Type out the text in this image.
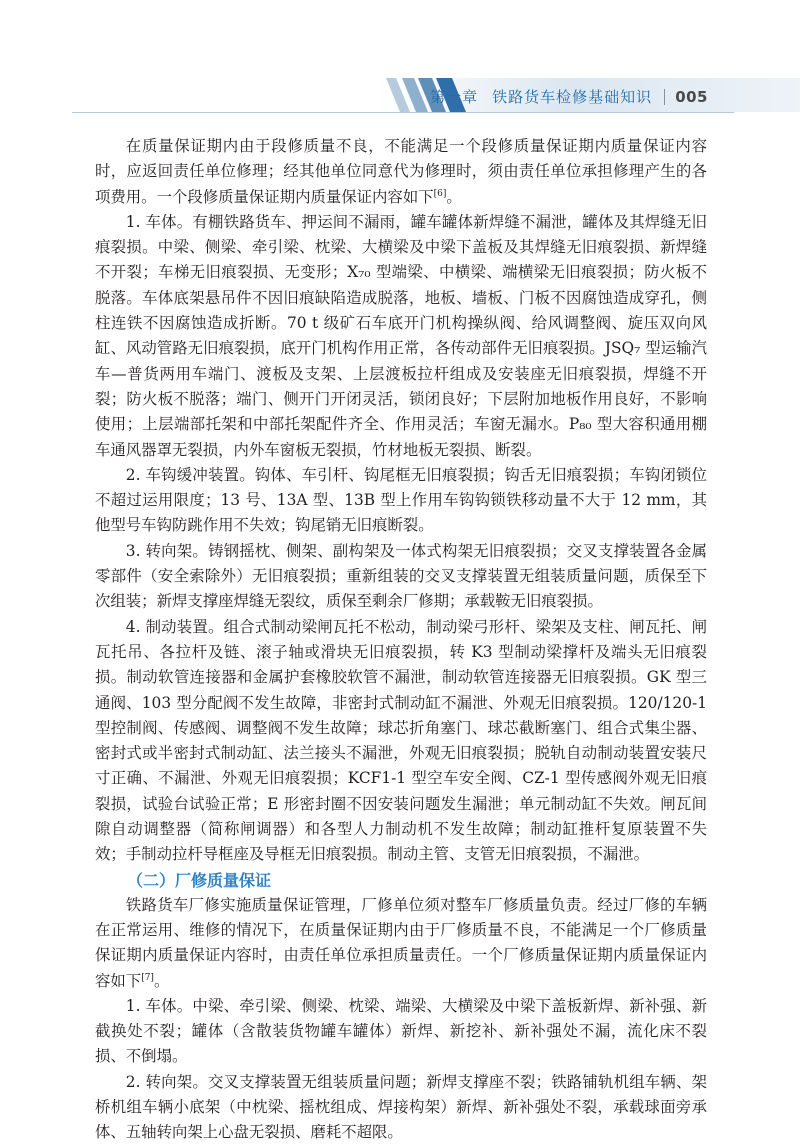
第一章 铁路货车检修基础知识 005

在质量保证期内由于段修质量不良，不能满足一个段修质量保证期内质量保证内容时，应返回责任单位修理；经其他单位同意代为修理时，须由责任单位承担修理产生的各项费用。一个段修质量保证期内质量保证内容如下[6]。

1. 车体。有棚铁路货车、押运间不漏雨，罐车罐体新焊缝不漏泄，罐体及其焊缝无旧痕裂损。中梁、侧梁、牵引梁、枕梁、大横梁及中梁下盖板及其焊缝无旧痕裂损、新焊缝不开裂；车梯无旧痕裂损、无变形；X₇₀ 型端梁、中横梁、端横梁无旧痕裂损；防火板不脱落。车体底架悬吊件不因旧痕缺陷造成脱落，地板、墙板、门板不因腐蚀造成穿孔，侧柱连铁不因腐蚀造成折断。70 t 级矿石车底开门机构操纵阀、给风调整阀、旋压双向风缸、风动管路无旧痕裂损，底开门机构作用正常，各传动部件无旧痕裂损。JSQ₇ 型运输汽车—普货两用车端门、渡板及支架、上层渡板拉杆组成及安装座无旧痕裂损，焊缝不开裂；防火板不脱落；端门、侧开门开闭灵活，锁闭良好；下层附加地板作用良好，不影响使用；上层端部托架和中部托架配件齐全、作用灵活；车窗无漏水。P₈₀ 型大容积通用棚车通风器罩无裂损，内外车窗板无裂损，竹材地板无裂损、断裂。

2. 车钩缓冲装置。钩体、车引杆、钩尾框无旧痕裂损；钩舌无旧痕裂损；车钩闭锁位不超过运用限度；13 号、13A 型、13B 型上作用车钩钩锁铁移动量不大于 12 mm，其他型号车钩防跳作用不失效；钩尾销无旧痕断裂。

3. 转向架。铸钢摇枕、侧架、副构架及一体式构架无旧痕裂损；交叉支撑装置各金属零部件（安全索除外）无旧痕裂损；重新组装的交叉支撑装置无组装质量问题，质保至下次组装；新焊支撑座焊缝无裂纹，质保至剩余厂修期；承载鞍无旧痕裂损。

4. 制动装置。组合式制动梁闸瓦托不松动，制动梁弓形杆、梁架及支柱、闸瓦托、闸瓦托吊、各拉杆及链、滚子轴或滑块无旧痕裂损，转 K3 型制动梁撑杆及端头无旧痕裂损。制动软管连接器和金属护套橡胶软管不漏泄，制动软管连接器无旧痕裂损。GK 型三通阀、103 型分配阀不发生故障，非密封式制动缸不漏泄、外观无旧痕裂损。120/120-1 型控制阀、传感阀、调整阀不发生故障；球芯折角塞门、球芯截断塞门、组合式集尘器、密封式或半密封式制动缸、法兰接头不漏泄，外观无旧痕裂损；脱轨自动制动装置安装尺寸正确、不漏泄、外观无旧痕裂损；KCF1-1 型空车安全阀、CZ-1 型传感阀外观无旧痕裂损，试验台试验正常；E 形密封圈不因安装问题发生漏泄；单元制动缸不失效。闸瓦间隙自动调整器（简称闸调器）和各型人力制动机不发生故障；制动缸推杆复原装置不失效；手制动拉杆导框座及导框无旧痕裂损。制动主管、支管无旧痕裂损，不漏泄。

（二）厂修质量保证

铁路货车厂修实施质量保证管理，厂修单位须对整车厂修质量负责。经过厂修的车辆在正常运用、维修的情况下，在质量保证期内由于厂修质量不良，不能满足一个厂修质量保证期内质量保证内容时，由责任单位承担质量责任。一个厂修质量保证期内质量保证内容如下[7]。

1. 车体。中梁、牵引梁、侧梁、枕梁、端梁、大横梁及中梁下盖板新焊、新补强、新截换处不裂；罐体（含散装货物罐车罐体）新焊、新挖补、新补强处不漏，流化床不裂损、不倒塌。

2. 转向架。交叉支撑装置无组装质量问题；新焊支撑座不裂；铁路铺轨机组车辆、架桥机组车辆小底架（中枕梁、摇枕组成、焊接构架）新焊、新补强处不裂，承载球面旁承体、五轴转向架上心盘无裂损、磨耗不超限。
